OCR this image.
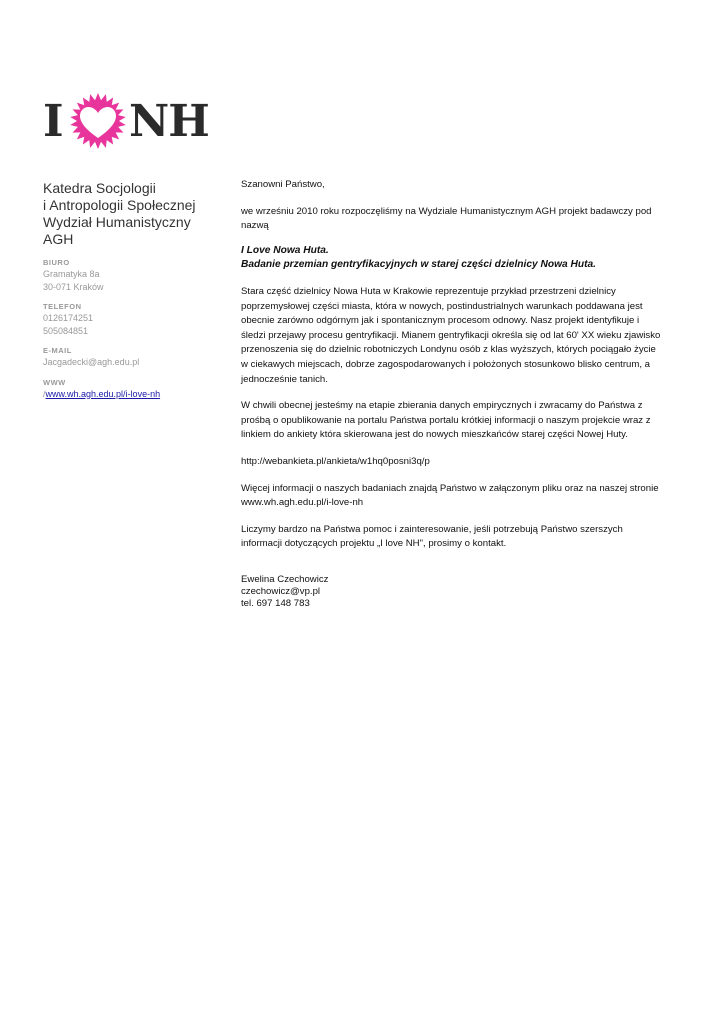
I NH
Katedra Socjologii
i Antropologii Społecznej
Wydział Humanistyczny
AGH
BIURO
Gramatyka 8a
30-071 Kraków
TELEFON
0126174251
505084851
E-MAIL
Jacgadecki@agh.edu.pl
WWW
/www.wh.agh.edu.pl/i-love-nh

Szanowni Państwo,

we wrześniu 2010 roku rozpoczęliśmy na Wydziale Humanistycznym AGH projekt badawczy pod nazwą

I Love Nowa Huta.
Badanie przemian gentryfikacyjnych w starej części dzielnicy Nowa Huta.

Stara część dzielnicy Nowa Huta w Krakowie reprezentuje przykład przestrzeni dzielnicy poprzemysłowej części miasta, która w nowych, postindustrialnych warunkach poddawana jest obecnie zarówno odgórnym jak i spontanicznym procesom odnowy. Nasz projekt identyfikuje i śledzi przejawy procesu gentryfikacji. Mianem gentryfikacji określa się od lat 60' XX wieku zjawisko przenoszenia się do dzielnic robotniczych Londynu osób z klas wyższych, których pociągało życie w ciekawych miejscach, dobrze zagospodarowanych i położonych stosunkowo blisko centrum, a jednocześnie tanich.

W chwili obecnej jesteśmy na etapie zbierania danych empirycznych i zwracamy do Państwa z prośbą o opublikowanie na portalu Państwa portalu krótkiej informacji o naszym projekcie wraz z linkiem do ankiety która skierowana jest do nowych mieszkańców starej części Nowej Huty.

http://webankieta.pl/ankieta/w1hq0posni3q/p

Więcej informacji o naszych badaniach znajdą Państwo w załączonym pliku oraz na naszej stronie www.wh.agh.edu.pl/i-love-nh

Liczymy bardzo na Państwa pomoc i zainteresowanie, jeśli potrzebują Państwo szerszych informacji dotyczących projektu „I love NH", prosimy o kontakt.

Ewelina Czechowicz
czechowicz@vp.pl
tel. 697 148 783
